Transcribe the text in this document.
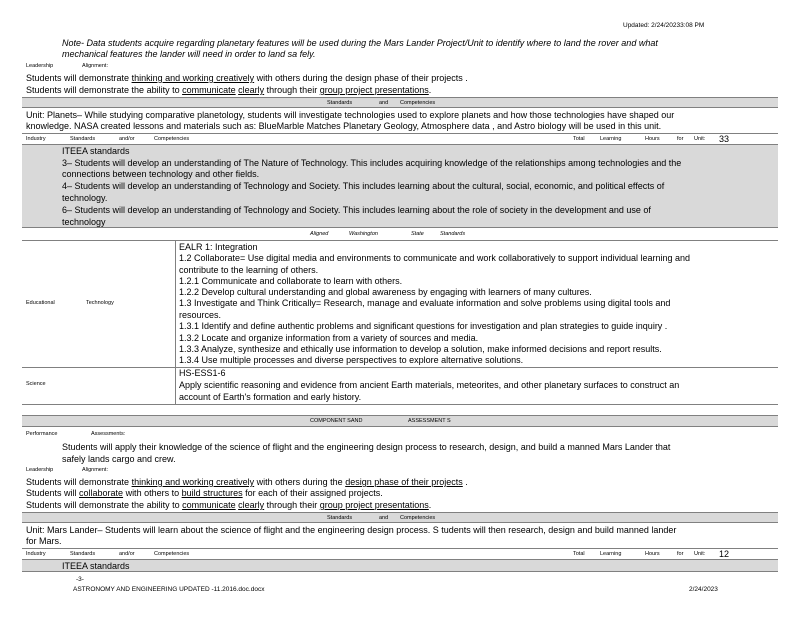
Updated: 2/24/20233:08 PM
Note- Data students acquire regarding planetary features will be used during the Mars Lander Project/Unit to identify where to land the rover and what
mechanical features the lander will need in order to land sa fely.
Leadership	Alignment:
Students will demonstrate thinking and working creatively with others during the design phase of their projects .
Students will demonstrate the ability to communicate clearly through their group project presentations.
Standards	and Competencies
Unit: Planets– While studying comparative planetology, students will investigate technologies used to explore planets and how those technologies have shaped our
knowledge. NASA created lessons and materials such as: BlueMarble Matches Planetary Geology, Atmosphere data , and Astro biology will be used in this unit.
Industry	Standards	and/or	Competencies	Total	Learning	Hours	for Unit: 33
ITEEA standards
3– Students will develop an understanding of The Nature of Technology. This includes acquiring knowledge of the relationships among technologies and the
connections between technology and other fields.
4– Students will develop an understanding of Technology and Society. This includes learning about the cultural, social, economic, and political effects of
technology.
6– Students will develop an understanding of Technology and Society. This includes learning about the role of society in the development and use of
technology
Aligned	Washington	State	Standards
Educational	Technology
EALR 1: Integration
1.2 Collaborate= Use digital media and environments to communicate and work collaboratively to support individual learning and
contribute to the learning of others.
1.2.1 Communicate and collaborate to learn with others.
1.2.2 Develop cultural understanding and global awareness by engaging with learners of many cultures.
1.3 Investigate and Think Critically= Research, manage and evaluate information and solve problems using digital tools and
resources.
1.3.1 Identify and define authentic problems and significant questions for investigation and plan strategies to guide inquiry .
1.3.2 Locate and organize information from a variety of sources and media.
1.3.3 Analyze, synthesize and ethically use information to develop a solution, make informed decisions and report results.
1.3.4 Use multiple processes and diverse perspectives to explore alternative solutions.
Science
HS-ESS1-6
Apply scientific reasoning and evidence from ancient Earth materials, meteorites, and other planetary surfaces to construct an
account of Earth's formation and early history.
COMPONENT SAND	ASSESSMENT S
Performance	Assessments:
Students will apply their knowledge of the science of flight and the engineering design process to research, design, and build a manned Mars Lander that
safely lands cargo and crew.
Leadership	Alignment:
Students will demonstrate thinking and working creatively with others during the design phase of their projects .
Students will collaborate with others to build structures for each of their assigned projects.
Students will demonstrate the ability to communicate clearly through their group project presentations.
Standards	and Competencies
Unit: Mars Lander– Students will learn about the science of flight and the engineering design process. S tudents will then research, design and build manned lander
for Mars.
Industry	Standards	and/or	Competencies	Total	Learning	Hours	for Unit: 12
ITEEA standards
-3-
ASTRONOMY AND ENGINEERING UPDATED -11.2016.doc.docx	2/24/2023
